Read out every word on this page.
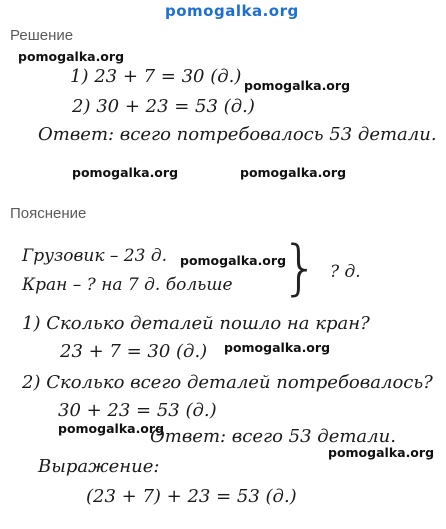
pomogalka.org
Решение
pomogalka.org
1) 23 + 7 = 30 (д.) pomogalka.org
2) 30 + 23 = 53 (д.)
Ответ: всего потребовалось 53 детали.
pomogalka.org	pomogalka.org
Пояснение
Грузовик – 23 д. pomogalka.org
Кран – ? на 7 д. больше } ? д.
1) Сколько деталей пошло на кран?
23 + 7 = 30 (д.) pomogalka.org
2) Сколько всего деталей потребовалось?
30 + 23 = 53 (д.)
pomogalka.org
Ответ: всего 53 детали.
pomogalka.org
Выражение:
(23 + 7) + 23 = 53 (д.)
